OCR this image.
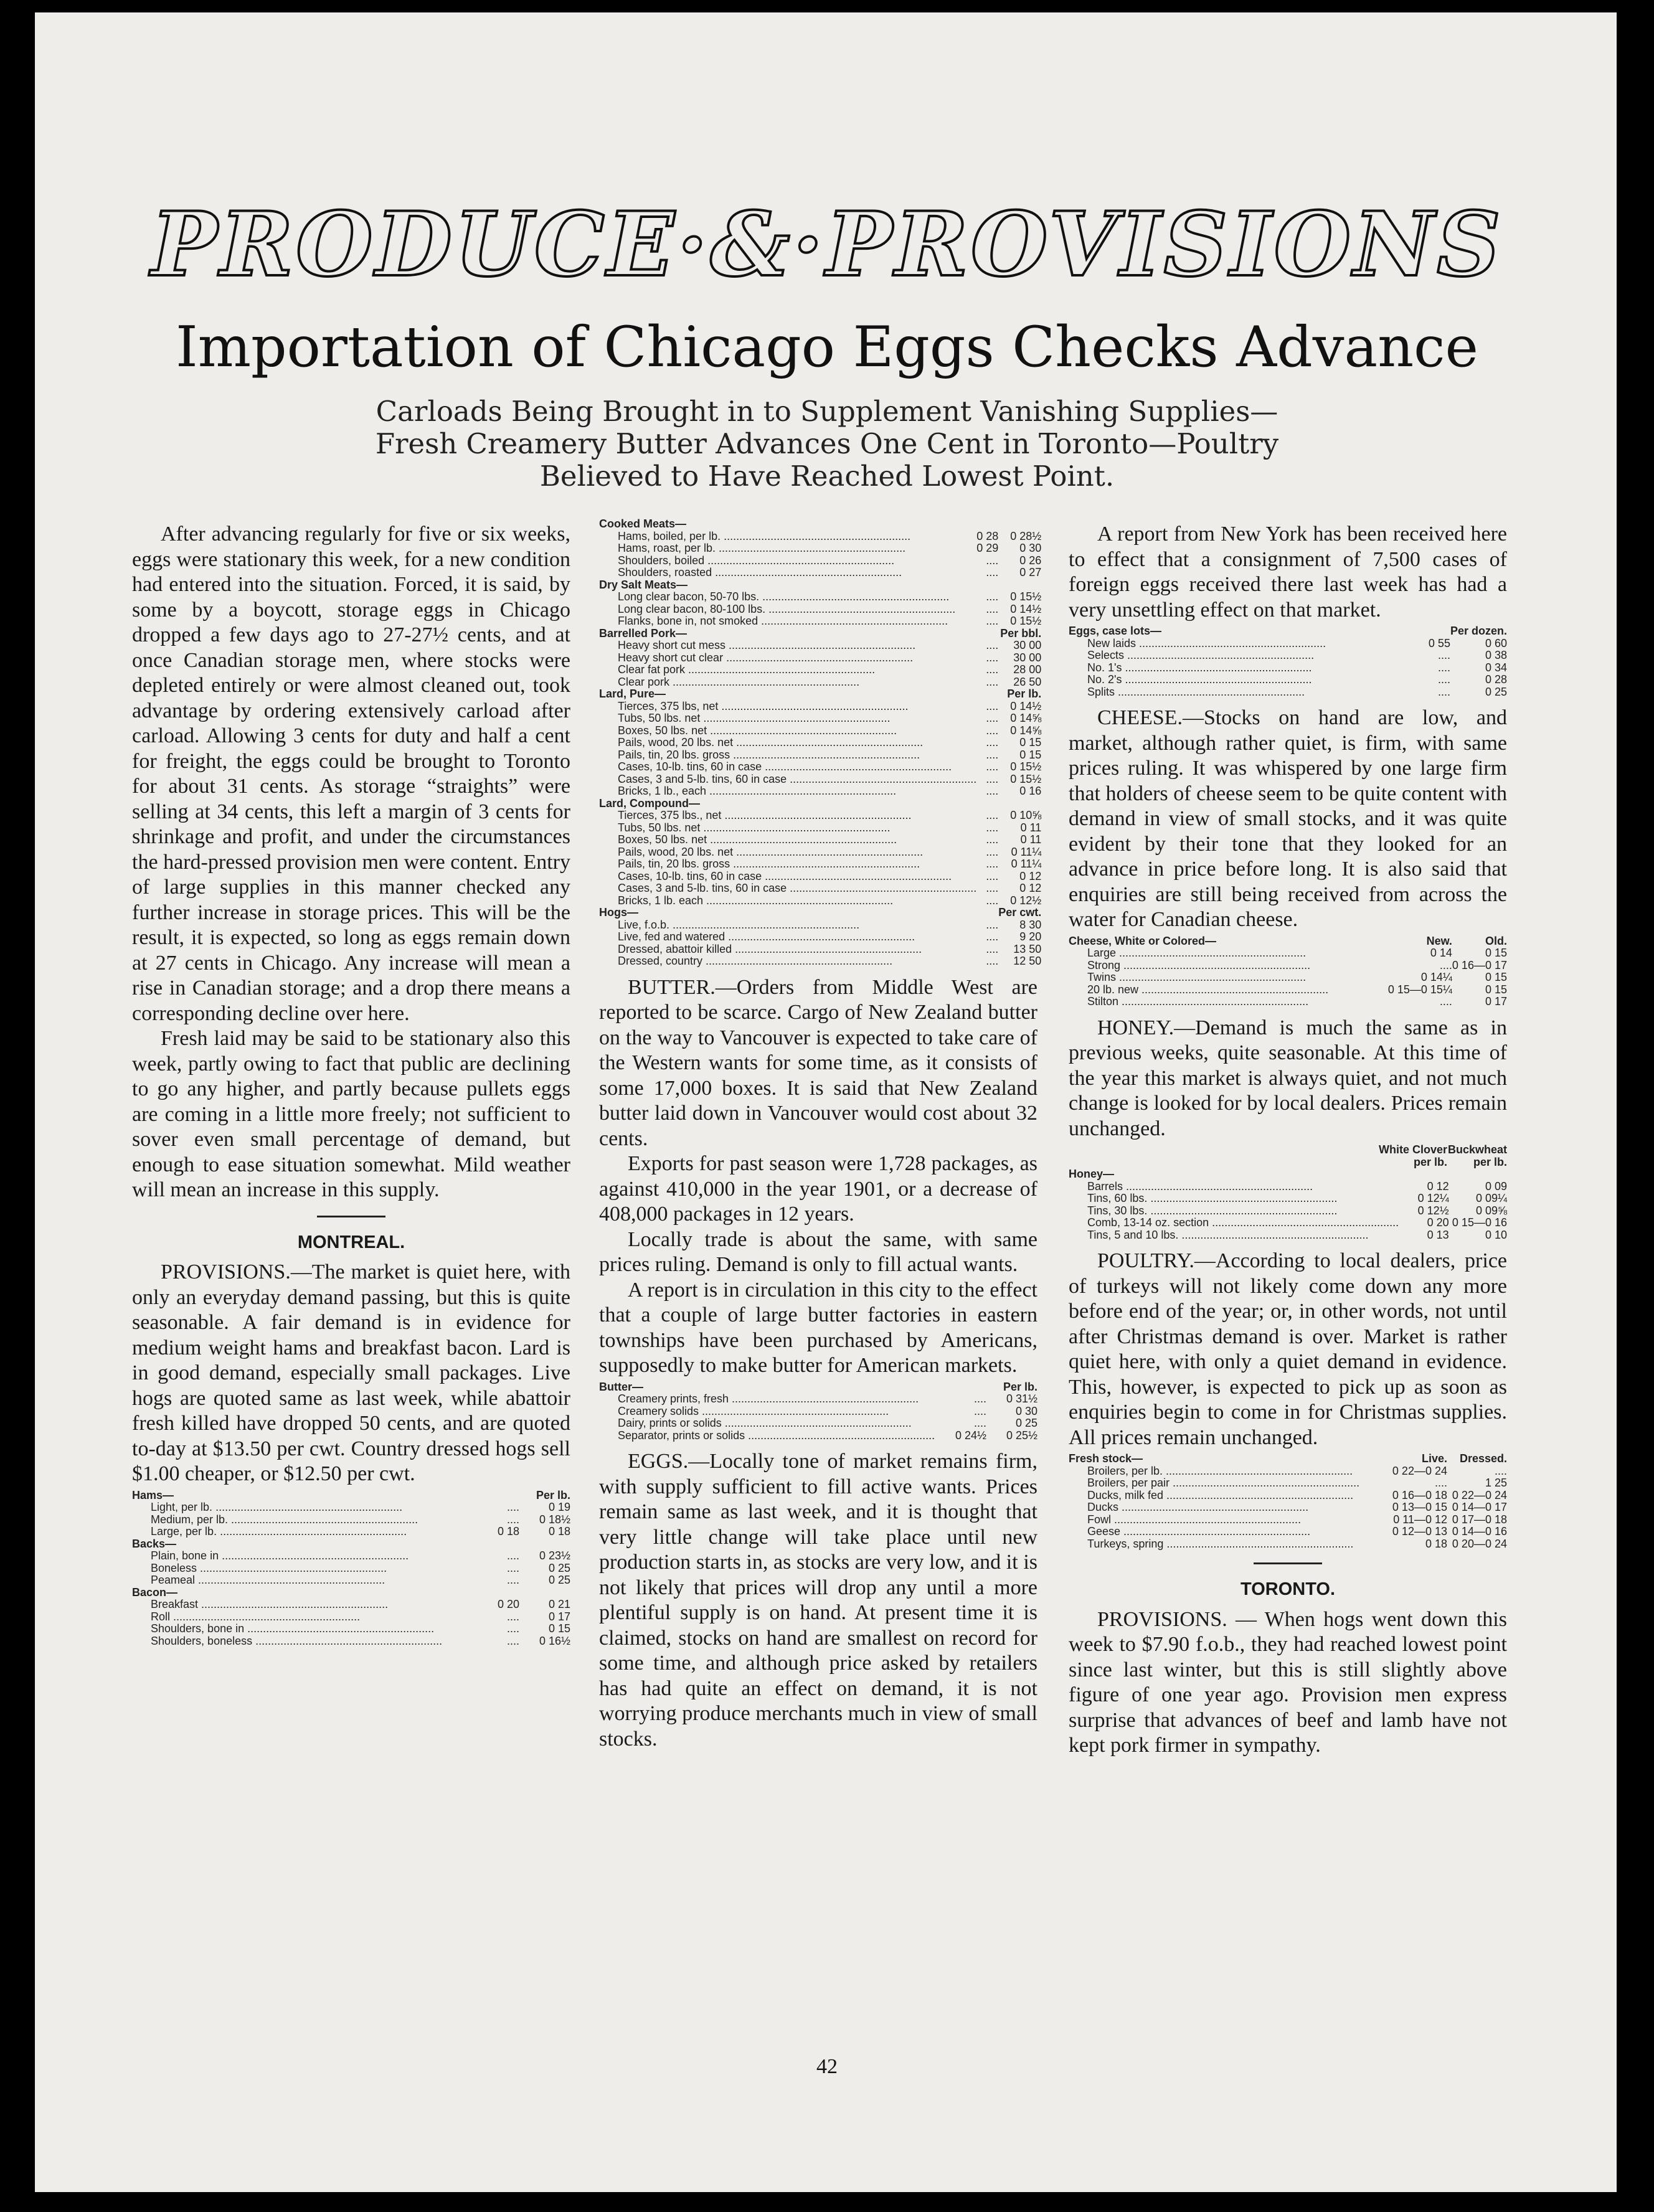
PRODUCE·&·PROVISIONS
Importation of Chicago Eggs Checks Advance
Carloads Being Brought in to Supplement Vanishing Supplies—
Fresh Creamery Butter Advances One Cent in Toronto—Poultry
Believed to Have Reached Lowest Point.

After advancing regularly for five or six weeks, eggs were stationary this week, for a new condition had entered into the situation. Forced, it is said, by some by a boycott, storage eggs in Chicago dropped a few days ago to 27-27½ cents, and at once Canadian storage men, where stocks were depleted entirely or were almost cleaned out, took advantage by ordering extensively carload after carload. Allowing 3 cents for duty and half a cent for freight, the eggs could be brought to Toronto for about 31 cents. As storage “straights” were selling at 34 cents, this left a margin of 3 cents for shrinkage and profit, and under the circumstances the hard-pressed provision men were content. Entry of large supplies in this manner checked any further increase in storage prices. This will be the result, it is expected, so long as eggs remain down at 27 cents in Chicago. Any increase will mean a rise in Canadian storage; and a drop there means a corresponding decline over here.

Fresh laid may be said to be stationary also this week, partly owing to fact that public are declining to go any higher, and partly because pullets eggs are coming in a little more freely; not sufficient to sover even small percentage of demand, but enough to ease situation somewhat. Mild weather will mean an increase in this supply.

MONTREAL.

PROVISIONS.—The market is quiet here, with only an everyday demand passing, but this is quite seasonable. A fair demand is in evidence for medium weight hams and breakfast bacon. Lard is in good demand, especially small packages. Live hogs are quoted same as last week, while abattoir fresh killed have dropped 50 cents, and are quoted to-day at $13.50 per cwt. Country dressed hogs sell $1.00 cheaper, or $12.50 per cwt.

Hams—		Per lb.
Light, per lb. ............................................................	....	0 19
Medium, per lb. ............................................................	....	0 18½
Large, per lb. ............................................................	0 18	0 18
Backs—		
Plain, bone in ............................................................	....	0 23½
Boneless ............................................................	....	0 25
Peameal ............................................................	....	0 25
Bacon—		
Breakfast ............................................................	0 20	0 21
Roll ............................................................	....	0 17
Shoulders, bone in ............................................................	....	0 15
Shoulders, boneless ............................................................	....	0 16½
Cooked Meats—		
Hams, boiled, per lb. ............................................................	0 28	0 28½
Hams, roast, per lb. ............................................................	0 29	0 30
Shoulders, boiled ............................................................	....	0 26
Shoulders, roasted ............................................................	....	0 27
Dry Salt Meats—		
Long clear bacon, 50-70 lbs. ............................................................	....	0 15½
Long clear bacon, 80-100 lbs. ............................................................	....	0 14½
Flanks, bone in, not smoked ............................................................	....	0 15½
Barrelled Pork—		Per bbl.
Heavy short cut mess ............................................................	....	30 00
Heavy short cut clear ............................................................	....	30 00
Clear fat pork ............................................................	....	28 00
Clear pork ............................................................	....	26 50
Lard, Pure—		Per lb.
Tierces, 375 lbs, net ............................................................	....	0 14½
Tubs, 50 lbs. net ............................................................	....	0 14⅝
Boxes, 50 lbs. net ............................................................	....	0 14⅝
Pails, wood, 20 lbs. net ............................................................	....	0 15
Pails, tin, 20 lbs. gross ............................................................	....	0 15
Cases, 10-lb. tins, 60 in case ............................................................	....	0 15½
Cases, 3 and 5-lb. tins, 60 in case ............................................................	....	0 15½
Bricks, 1 lb., each ............................................................	....	0 16
Lard, Compound—		
Tierces, 375 lbs., net ............................................................	....	0 10⅝
Tubs, 50 lbs. net ............................................................	....	0 11
Boxes, 50 lbs. net ............................................................	....	0 11
Pails, wood, 20 lbs. net ............................................................	....	0 11¼
Pails, tin, 20 lbs. gross ............................................................	....	0 11¼
Cases, 10-lb. tins, 60 in case ............................................................	....	0 12
Cases, 3 and 5-lb. tins, 60 in case ............................................................	....	0 12
Bricks, 1 lb. each ............................................................	....	0 12½
Hogs—		Per cwt.
Live, f.o.b. ............................................................	....	8 30
Live, fed and watered ............................................................	....	9 20
Dressed, abattoir killed ............................................................	....	13 50
Dressed, country ............................................................	....	12 50

BUTTER.—Orders from Middle West are reported to be scarce. Cargo of New Zealand butter on the way to Vancouver is expected to take care of the Western wants for some time, as it consists of some 17,000 boxes. It is said that New Zealand butter laid down in Vancouver would cost about 32 cents.

Exports for past season were 1,728 packages, as against 410,000 in the year 1901, or a decrease of 408,000 packages in 12 years.

Locally trade is about the same, with same prices ruling. Demand is only to fill actual wants.

A report is in circulation in this city to the effect that a couple of large butter factories in eastern townships have been purchased by Americans, supposedly to make butter for American markets.

Butter—		Per lb.
Creamery prints, fresh ............................................................	....	0 31½
Creamery solids ............................................................	....	0 30
Dairy, prints or solids ............................................................	....	0 25
Separator, prints or solids ............................................................	0 24½	0 25½

EGGS.—Locally tone of market remains firm, with supply sufficient to fill active wants. Prices remain same as last week, and it is thought that very little change will take place until new production starts in, as stocks are very low, and it is not likely that prices will drop any until a more plentiful supply is on hand. At present time it is claimed, stocks on hand are smallest on record for some time, and although price asked by retailers has had quite an effect on demand, it is not worrying produce merchants much in view of small stocks.

A report from New York has been received here to effect that a consignment of 7,500 cases of foreign eggs received there last week has had a very unsettling effect on that market.

Eggs, case lots—		Per dozen.
New laids ............................................................	0 55	0 60
Selects ............................................................	....	0 38
No. 1's ............................................................	....	0 34
No. 2's ............................................................	....	0 28
Splits ............................................................	....	0 25

CHEESE.—Stocks on hand are low, and market, although rather quiet, is firm, with same prices ruling. It was whispered by one large firm that holders of cheese seem to be quite content with demand in view of small stocks, and it was quite evident by their tone that they looked for an advance in price before long. It is also said that enquiries are still being received from across the water for Canadian cheese.

Cheese, White or Colored—	New.	Old.
Large ............................................................	0 14	0 15
Strong ............................................................	....	0 16—0 17
Twins ............................................................	0 14¼	0 15
20 lb. new ............................................................	0 15—0 15¼	0 15
Stilton ............................................................	....	0 17

HONEY.—Demand is much the same as in previous weeks, quite seasonable. At this time of the year this market is always quiet, and not much change is looked for by local dealers. Prices remain unchanged.

	White Clover	Buckwheat
	per lb.	per lb.
Honey—		
Barrels ............................................................	0 12	0 09
Tins, 60 lbs. ............................................................	0 12¼	0 09¼
Tins, 30 lbs. ............................................................	0 12½	0 09⅝
Comb, 13-14 oz. section ............................................................	0 20	0 15—0 16
Tins, 5 and 10 lbs. ............................................................	0 13	0 10

POULTRY.—According to local dealers, price of turkeys will not likely come down any more before end of the year; or, in other words, not until after Christmas demand is over. Market is rather quiet here, with only a quiet demand in evidence. This, however, is expected to pick up as soon as enquiries begin to come in for Christmas supplies. All prices remain unchanged.

Fresh stock—	Live.	Dressed.
Broilers, per lb. ............................................................	0 22—0 24	....
Broilers, per pair ............................................................	....	1 25
Ducks, milk fed ............................................................	0 16—0 18	0 22—0 24
Ducks ............................................................	0 13—0 15	0 14—0 17
Fowl ............................................................	0 11—0 12	0 17—0 18
Geese ............................................................	0 12—0 13	0 14—0 16
Turkeys, spring ............................................................	0 18	0 20—0 24
TORONTO.

PROVISIONS. — When hogs went down this week to $7.90 f.o.b., they had reached lowest point since last winter, but this is still slightly above figure of one year ago. Provision men express surprise that advances of beef and lamb have not kept pork firmer in sympathy.

42
